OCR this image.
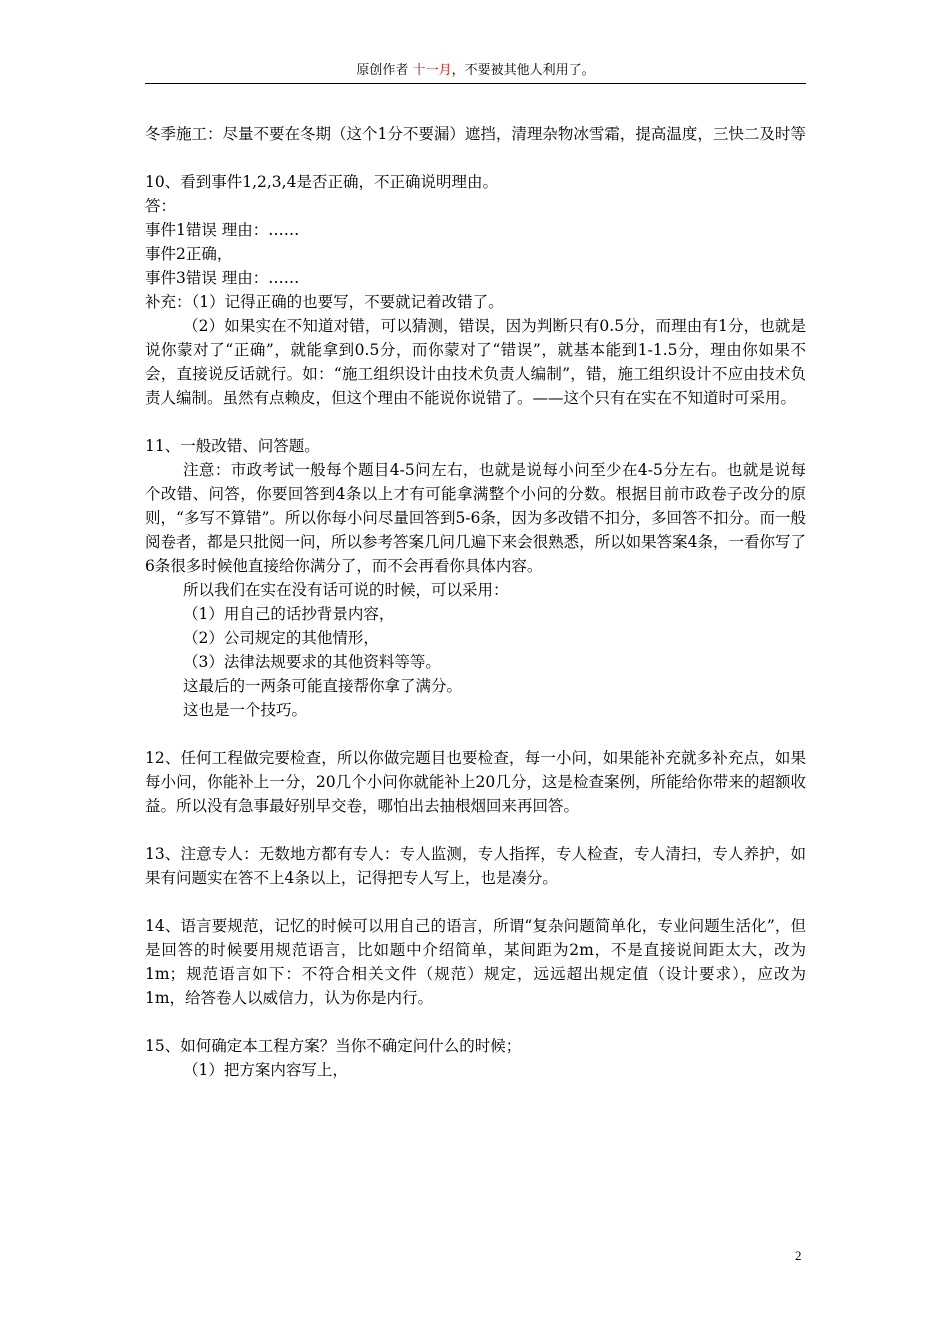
原创作者 十一月，不要被其他人利用了。

冬季施工：尽量不要在冬期（这个1分不要漏）遮挡，清理杂物冰雪霜，提高温度，三快二及时等

10、看到事件1,2,3,4是否正确，不正确说明理由。

答：

事件1错误 理由：……

事件2正确，

事件3错误 理由：……

补充：（1）记得正确的也要写，不要就记着改错了。

（2）如果实在不知道对错，可以猜测，错误，因为判断只有0.5分，而理由有1分，也就是说你蒙对了“正确”，就能拿到0.5分，而你蒙对了“错误”，就基本能到1-1.5分，理由你如果不会，直接说反话就行。如：“施工组织设计由技术负责人编制”，错，施工组织设计不应由技术负责人编制。虽然有点赖皮，但这个理由不能说你说错了。——这个只有在实在不知道时可采用。

11、一般改错、问答题。

注意：市政考试一般每个题目4-5问左右，也就是说每小问至少在4-5分左右。也就是说每个改错、问答，你要回答到4条以上才有可能拿满整个小问的分数。根据目前市政卷子改分的原则，“多写不算错”。所以你每小问尽量回答到5-6条，因为多改错不扣分，多回答不扣分。而一般阅卷者，都是只批阅一问，所以参考答案几问几遍下来会很熟悉，所以如果答案4条，一看你写了6条很多时候他直接给你满分了，而不会再看你具体内容。

所以我们在实在没有话可说的时候，可以采用：

（1）用自己的话抄背景内容，

（2）公司规定的其他情形，

（3）法律法规要求的其他资料等等。

这最后的一两条可能直接帮你拿了满分。

这也是一个技巧。

12、任何工程做完要检查，所以你做完题目也要检查，每一小问，如果能补充就多补充点，如果每小问，你能补上一分，20几个小问你就能补上20几分，这是检查案例，所能给你带来的超额收益。所以没有急事最好别早交卷，哪怕出去抽根烟回来再回答。

13、注意专人：无数地方都有专人：专人监测，专人指挥，专人检查，专人清扫，专人养护，如果有问题实在答不上4条以上，记得把专人写上，也是凑分。

14、语言要规范，记忆的时候可以用自己的语言，所谓“复杂问题简单化，专业问题生活化”，但是回答的时候要用规范语言，比如题中介绍简单，某间距为2m，不是直接说间距太大，改为1m；规范语言如下：不符合相关文件（规范）规定，远远超出规定值（设计要求），应改为1m，给答卷人以威信力，认为你是内行。

15、如何确定本工程方案？当你不确定问什么的时候；

（1）把方案内容写上，

2
